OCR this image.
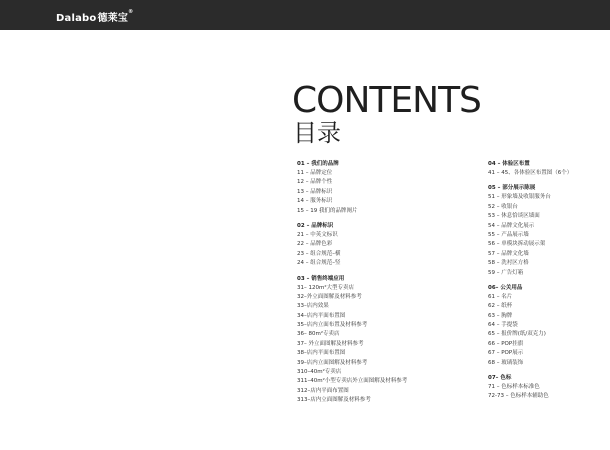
Dalabo德莱宝®
CONTENTS
目录
01 – 我们的品牌
11 – 品牌定位
12 – 品牌个性
13 – 品牌标识
14 – 服务标识
15 – 19 我们的品牌阐片
02 – 品牌标识
21 – 中英文标识
22 – 品牌色彩
23 – 组合规范–横
24 – 组合规范–竖
03 – 销售终端应用
31– 120m²大型专卖店
32–外立面图解及材料参考
33–店内效果
34–店内平面布置图
35–店内立面布置及材料参考
36– 80m²专卖店
37– 外立面图解及材料参考
38–店内平面布置图
39–店内立面图解及材料参考
310–40m²专卖店
311–40m²小型专卖店外立面图解及材料参考
312–店内平面布置图
313–店内立面图解及材料参考
04 – 体验区布置
41 – 45、各体验区布置图（6个）
05 – 部分展示陈展
51 – 形象墙及收银服务台
52 – 收银台
53 – 休息恰谈区墙面
54 – 品牌文化展示
55 – 产品展示墙
56 – 单模块拆动展示架
57 – 品牌文化墙
58 – 洗衬区方格
59 – 广告灯箱
06– 公关用品
61 – 名片
62 – 纸杯
63 – 胸牌
64 – 手提袋
65 – 报价牌(纸/双克力)
66 – POP挂旗
67 – POP展示
68 – 玻璃装饰
07– 色标
71 – 色标样本标准色
72-73 – 色标样本辅助色
